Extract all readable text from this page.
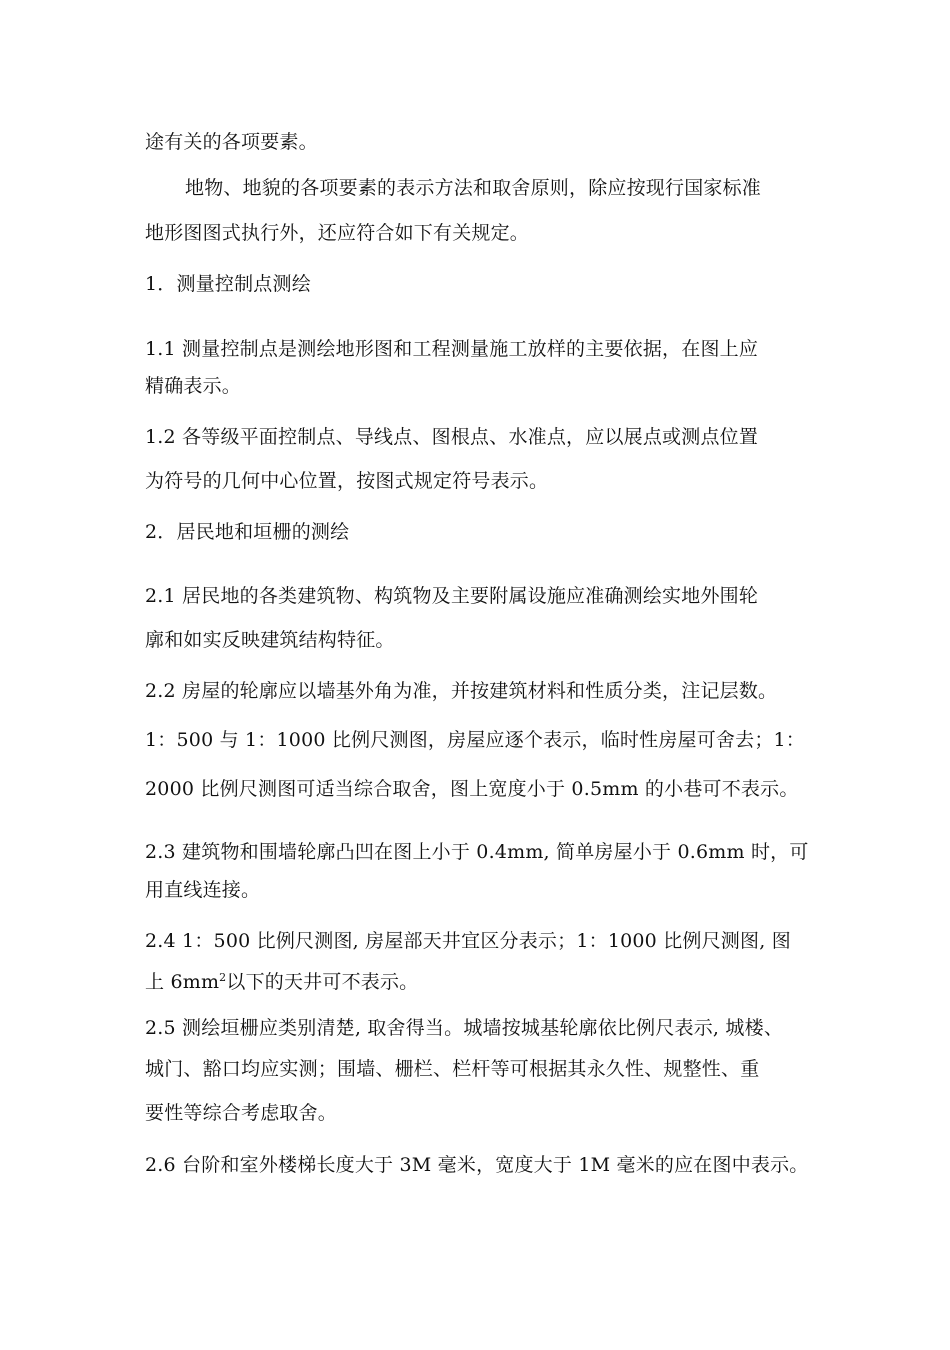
途有关的各项要素。
地物、地貌的各项要素的表示方法和取舍原则，除应按现行国家标准
地形图图式执行外，还应符合如下有关规定。
1．测量控制点测绘
1.1 测量控制点是测绘地形图和工程测量施工放样的主要依据，在图上应
精确表示。
1.2 各等级平面控制点、导线点、图根点、水准点，应以展点或测点位置
为符号的几何中心位置，按图式规定符号表示。
2．居民地和垣栅的测绘
2.1 居民地的各类建筑物、构筑物及主要附属设施应准确测绘实地外围轮
廓和如实反映建筑结构特征。
2.2 房屋的轮廓应以墙基外角为准，并按建筑材料和性质分类，注记层数。
1：500 与 1：1000 比例尺测图，房屋应逐个表示，临时性房屋可舍去；1：
2000 比例尺测图可适当综合取舍，图上宽度小于 0.5mm 的小巷可不表示。
2.3 建筑物和围墙轮廓凸凹在图上小于 0.4mm, 简单房屋小于 0.6mm 时，可
用直线连接。
2.4 1：500 比例尺测图, 房屋部天井宜区分表示；1：1000 比例尺测图, 图
上 $6mm^2$以下的天井可不表示。
2.5 测绘垣栅应类别清楚, 取舍得当。城墙按城基轮廓依比例尺表示, 城楼、
城门、豁口均应实测；围墙、栅栏、栏杆等可根据其永久性、规整性、重
要性等综合考虑取舍。
2.6 台阶和室外楼梯长度大于 3M 毫米，宽度大于 1M 毫米的应在图中表示。
